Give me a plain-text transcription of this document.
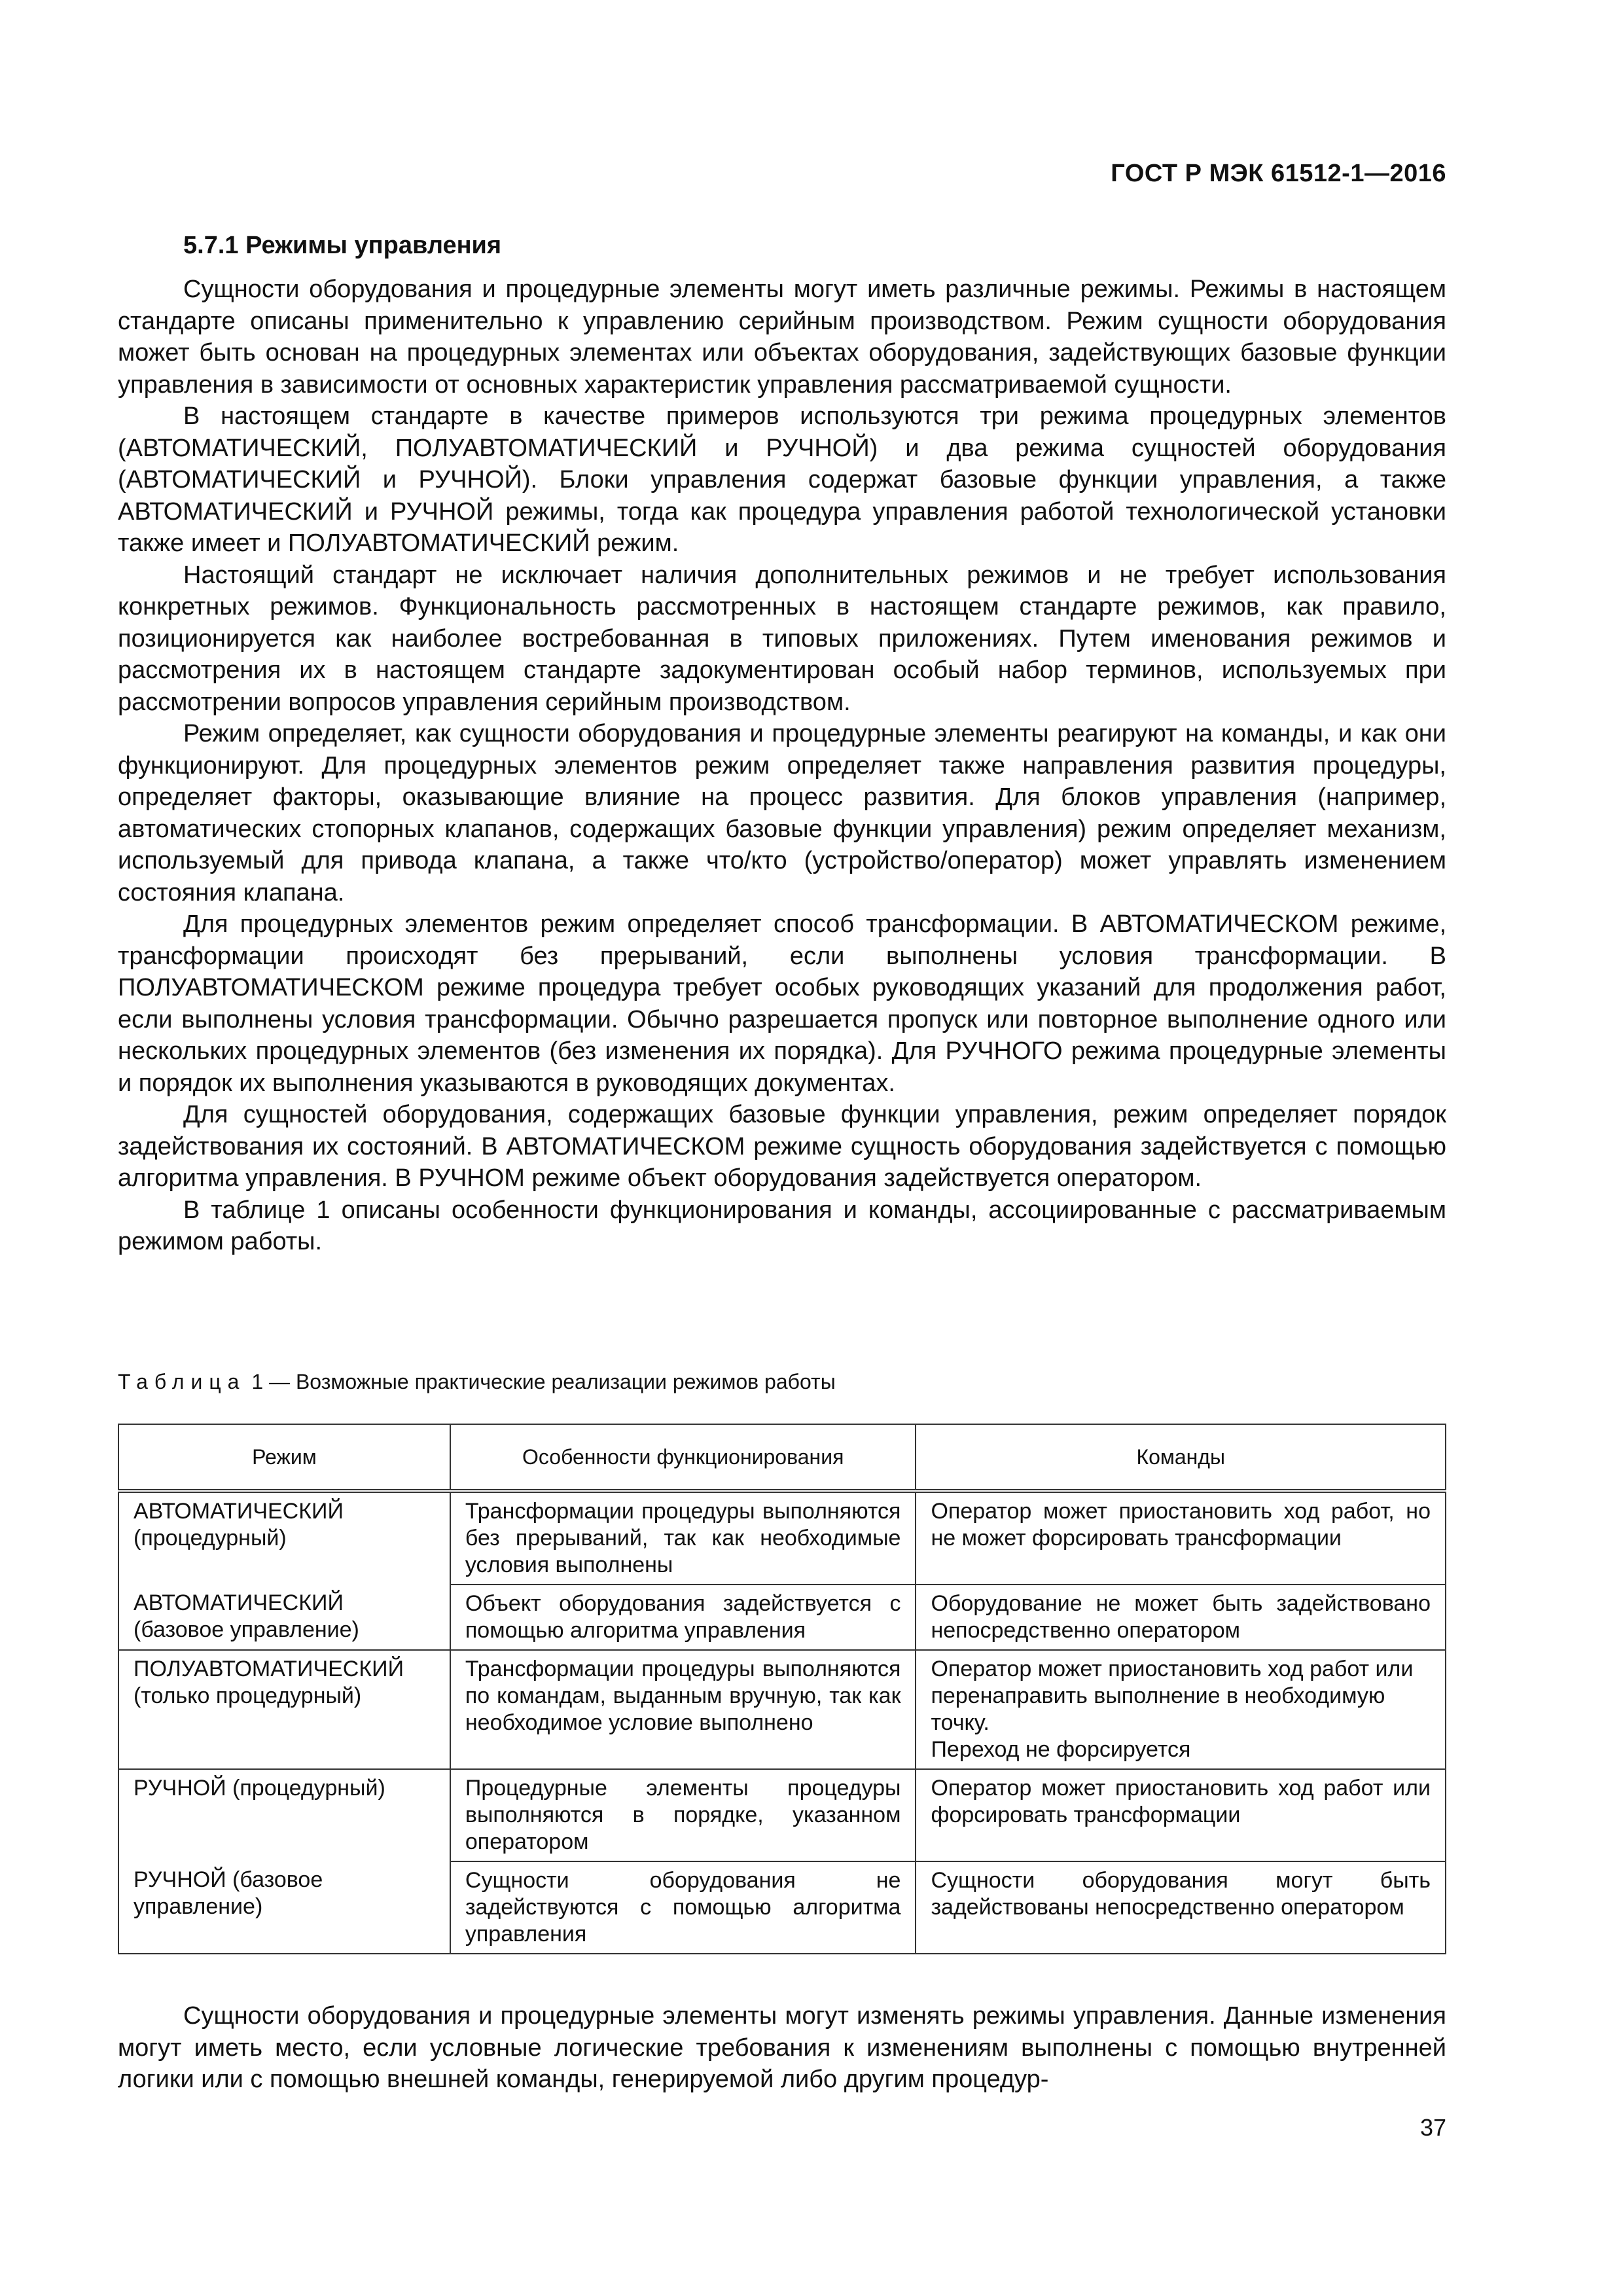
ГОСТ Р МЭК 61512-1—2016
5.7.1 Режимы управления

Сущности оборудования и процедурные элементы могут иметь различные режимы. Режимы в настоящем стандарте описаны применительно к управлению серийным производством. Режим сущности оборудования может быть основан на процедурных элементах или объектах оборудования, задействующих базовые функции управления в зависимости от основных характеристик управления рассматриваемой сущности.

В настоящем стандарте в качестве примеров используются три режима процедурных элементов (АВТОМАТИЧЕСКИЙ, ПОЛУАВТОМАТИЧЕСКИЙ и РУЧНОЙ) и два режима сущностей оборудования (АВТОМАТИЧЕСКИЙ и РУЧНОЙ). Блоки управления содержат базовые функции управления, а также АВТОМАТИЧЕСКИЙ и РУЧНОЙ режимы, тогда как процедура управления работой технологической установки также имеет и ПОЛУАВТОМАТИЧЕСКИЙ режим.

Настоящий стандарт не исключает наличия дополнительных режимов и не требует использования конкретных режимов. Функциональность рассмотренных в настоящем стандарте режимов, как правило, позиционируется как наиболее востребованная в типовых приложениях. Путем именования режимов и рассмотрения их в настоящем стандарте задокументирован особый набор терминов, используемых при рассмотрении вопросов управления серийным производством.

Режим определяет, как сущности оборудования и процедурные элементы реагируют на команды, и как они функционируют. Для процедурных элементов режим определяет также направления развития процедуры, определяет факторы, оказывающие влияние на процесс развития. Для блоков управления (например, автоматических стопорных клапанов, содержащих базовые функции управления) режим определяет механизм, используемый для привода клапана, а также что/кто (устройство/оператор) может управлять изменением состояния клапана.

Для процедурных элементов режим определяет способ трансформации. В АВТОМАТИЧЕСКОМ режиме, трансформации происходят без прерываний, если выполнены условия трансформации. В ПОЛУАВТОМАТИЧЕСКОМ режиме процедура требует особых руководящих указаний для продолжения работ, если выполнены условия трансформации. Обычно разрешается пропуск или повторное выполнение одного или нескольких процедурных элементов (без изменения их порядка). Для РУЧНОГО режима процедурные элементы и порядок их выполнения указываются в руководящих документах.

Для сущностей оборудования, содержащих базовые функции управления, режим определяет порядок задействования их состояний. В АВТОМАТИЧЕСКОМ режиме сущность оборудования задействуется с помощью алгоритма управления. В РУЧНОМ режиме объект оборудования задействуется оператором.

В таблице 1 описаны особенности функционирования и команды, ассоциированные с рассматриваемым режимом работы.

Таблица 1 — Возможные практические реализации режимов работы
Режим	Особенности функционирования	Команды
АВТОМАТИЧЕСКИЙ (процедурный)	Трансформации процедуры выполняются без прерываний, так как необходимые условия выполнены	Оператор может приостановить ход работ, но не может форсировать трансформации
АВТОМАТИЧЕСКИЙ (базовое управление)	Объект оборудования задействуется с помощью алгоритма управления	Оборудование не может быть задействовано непосредственно оператором
ПОЛУАВТОМАТИЧЕСКИЙ (только процедурный)	Трансформации процедуры выполняются по командам, выданным вручную, так как необходимое условие выполнено	Оператор может приостановить ход работ или перенаправить выполнение в необходимую точку.
Переход не форсируется

РУЧНОЙ (процедурный)	Процедурные элементы процедуры выполняются в порядке, указанном оператором	Оператор может приостановить ход работ или форсировать трансформации
РУЧНОЙ (базовое управление)	Сущности оборудования не задействуются с помощью алгоритма управления	Сущности оборудования могут быть задействованы непосредственно оператором

Сущности оборудования и процедурные элементы могут изменять режимы управления. Данные изменения могут иметь место, если условные логические требования к изменениям выполнены с помощью внутренней логики или с помощью внешней команды, генерируемой либо другим процедур-

37
